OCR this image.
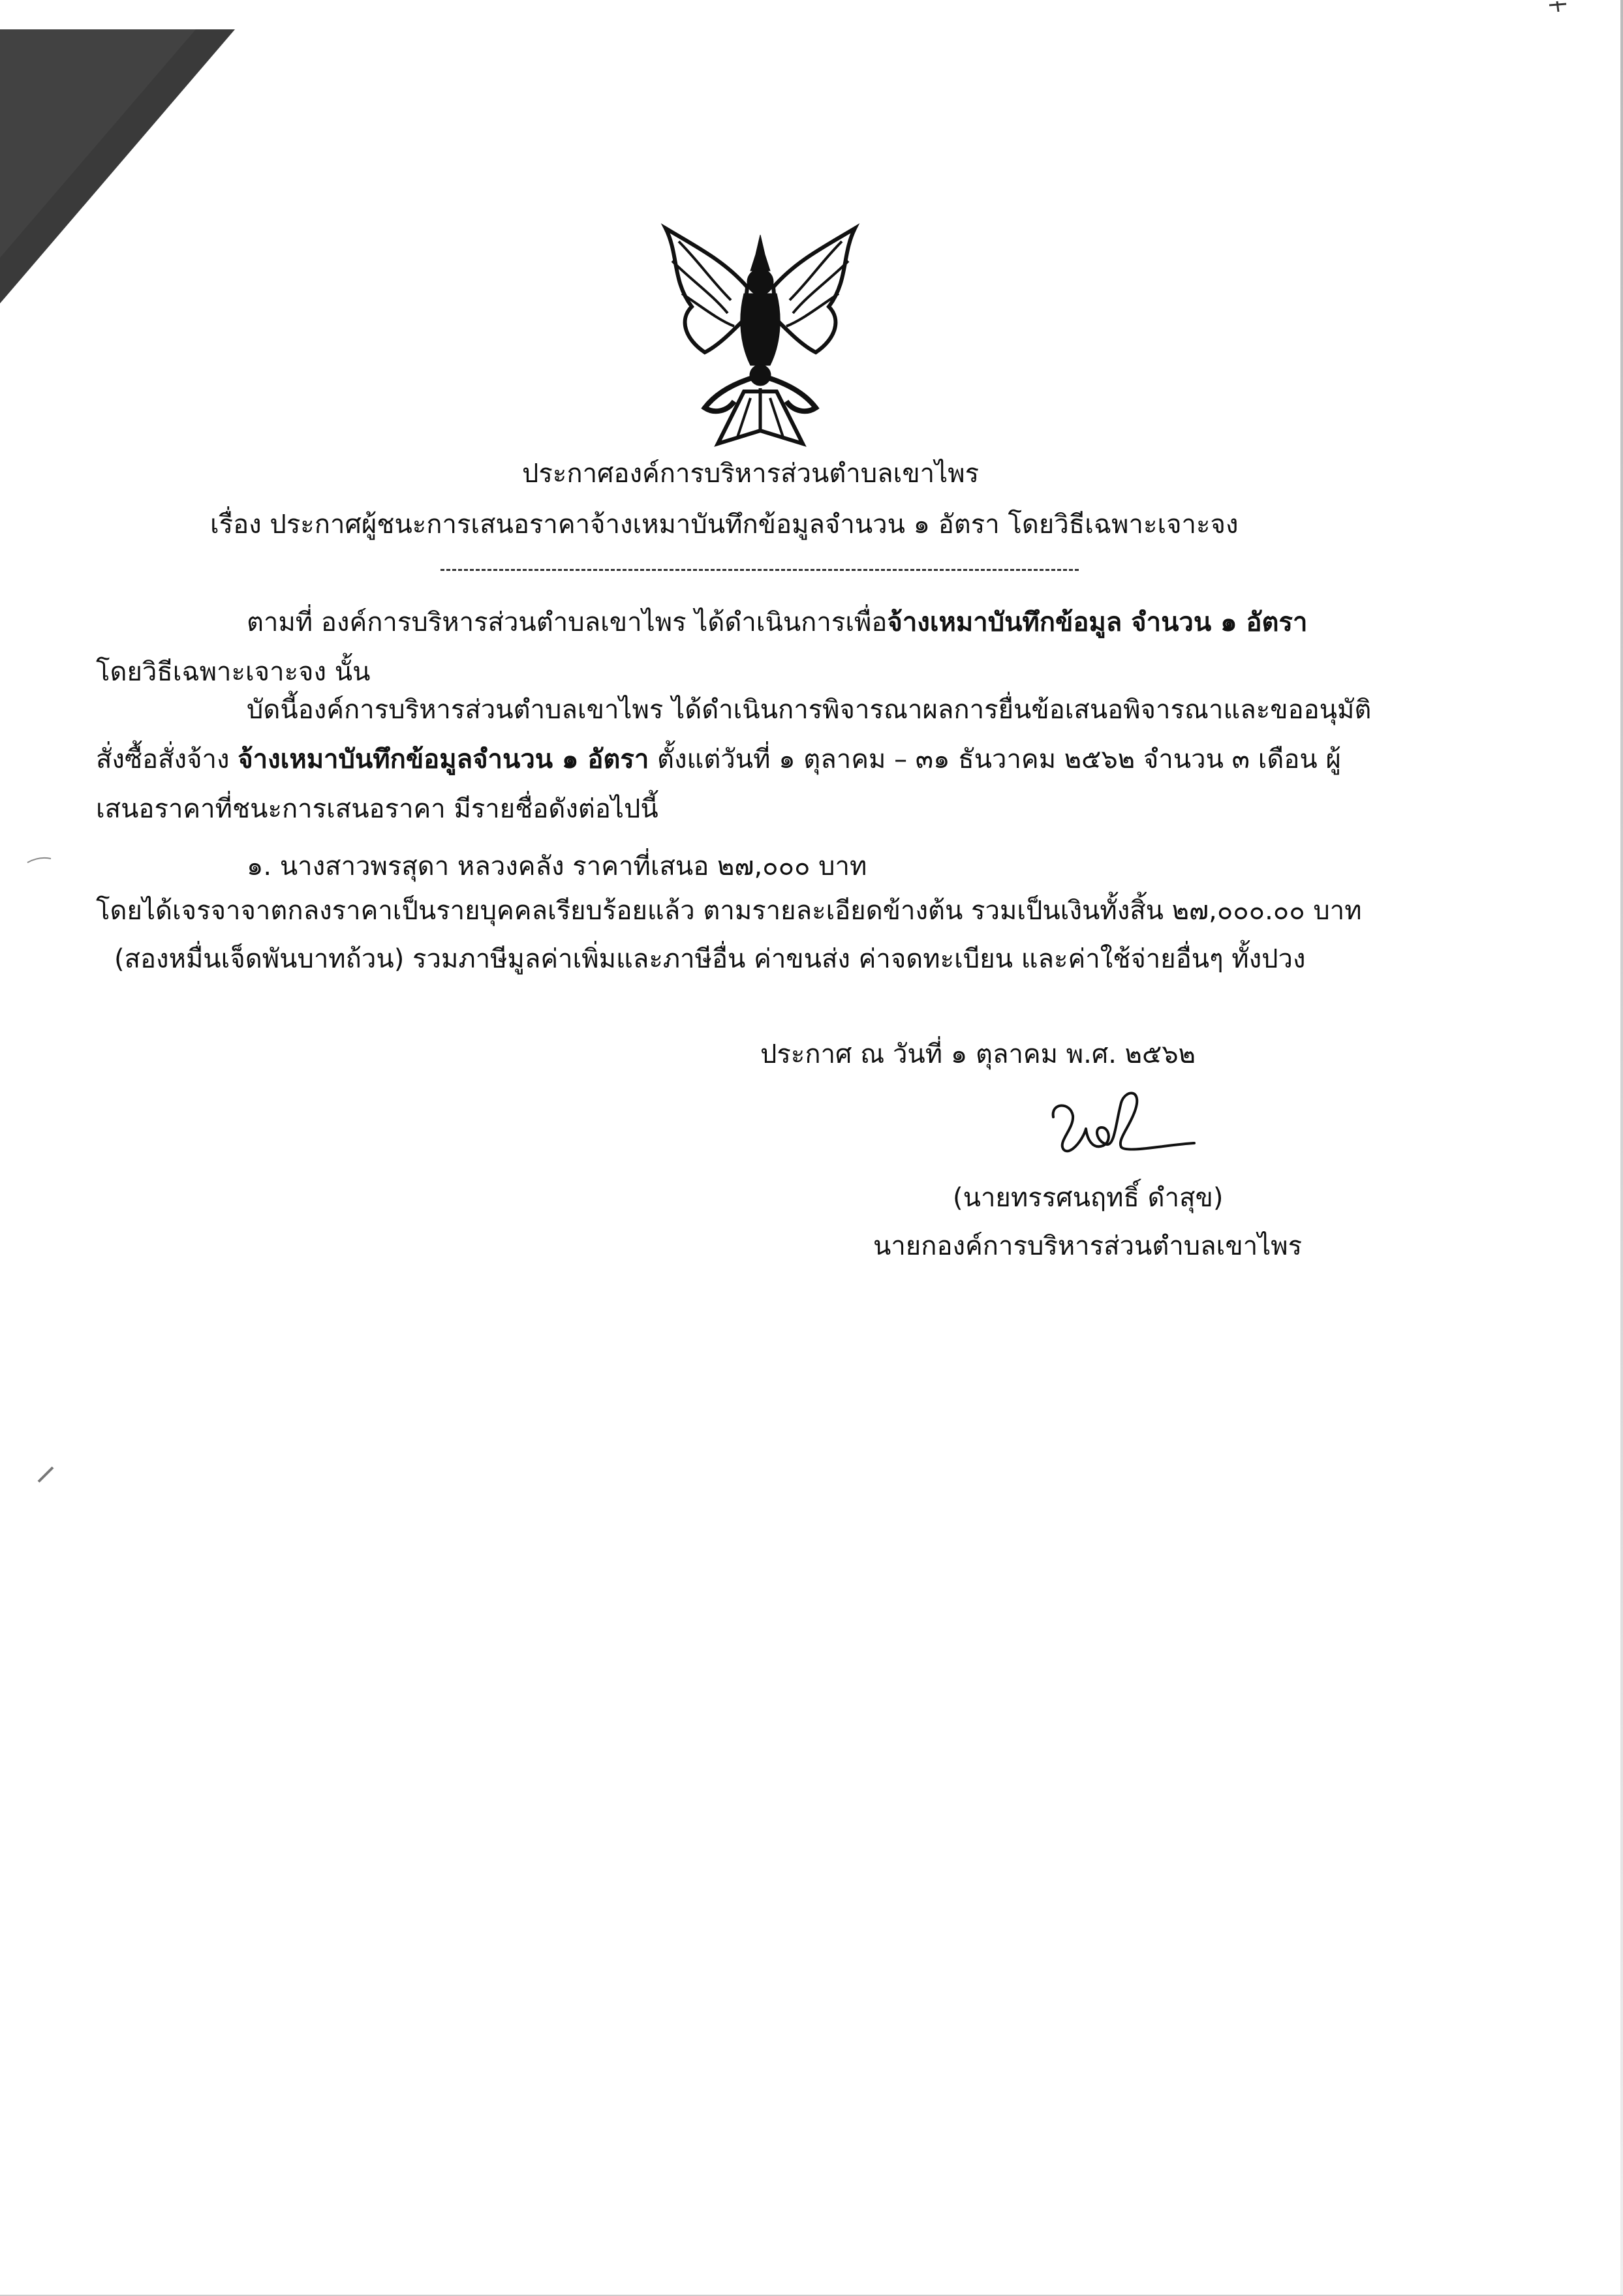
ประกาศองค์การบริหารส่วนตำบลเขาไพร
เรื่อง ประกาศผู้ชนะการเสนอราคาจ้างเหมาบันทึกข้อมูลจำนวน ๑ อัตรา โดยวิธีเฉพาะเจาะจง
ตามที่ องค์การบริหารส่วนตำบลเขาไพร ได้ดำเนินการเพื่อจ้างเหมาบันทึกข้อมูล จำนวน ๑ อัตรา
โดยวิธีเฉพาะเจาะจง นั้น
บัดนี้องค์การบริหารส่วนตำบลเขาไพร ได้ดำเนินการพิจารณาผลการยื่นข้อเสนอพิจารณาและขออนุมัติ
สั่งซื้อสั่งจ้าง จ้างเหมาบันทึกข้อมูลจำนวน ๑ อัตรา ตั้งแต่วันที่ ๑ ตุลาคม – ๓๑ ธันวาคม ๒๕๖๒ จำนวน ๓ เดือน ผู้
เสนอราคาที่ชนะการเสนอราคา มีรายชื่อดังต่อไปนี้
๑. นางสาวพรสุดา หลวงคลัง ราคาที่เสนอ ๒๗,๐๐๐ บาท
โดยได้เจรจาจาตกลงราคาเป็นรายบุคคลเรียบร้อยแล้ว ตามรายละเอียดข้างต้น รวมเป็นเงินทั้งสิ้น ๒๗,๐๐๐.๐๐ บาท
(สองหมื่นเจ็ดพันบาทถ้วน) รวมภาษีมูลค่าเพิ่มและภาษีอื่น ค่าขนส่ง ค่าจดทะเบียน และค่าใช้จ่ายอื่นๆ ทั้งปวง
ประกาศ ณ วันที่ ๑ ตุลาคม พ.ศ. ๒๕๖๒
(นายทรรศนฤทธิ์ ดำสุข)
นายกองค์การบริหารส่วนตำบลเขาไพร
